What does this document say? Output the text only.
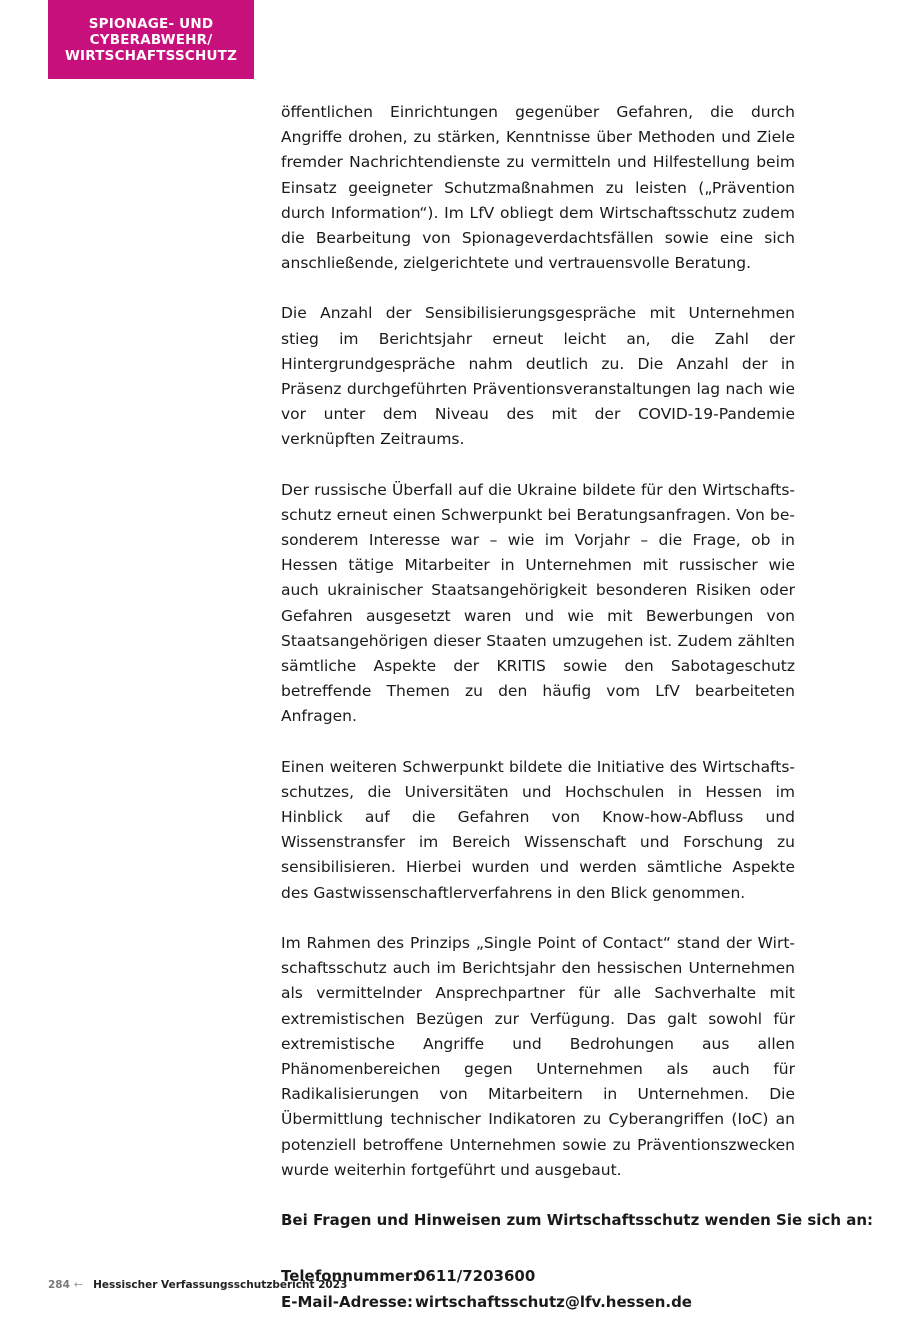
SPIONAGE- UND
CYBERABWEHR/
WIRTSCHAFTSSCHUTZ

öffentlichen Einrichtungen gegenüber Gefahren, die durch Angriffe drohen, zu stärken, Kenntnisse über Methoden und Ziele fremder Nachrichtendienste zu vermitteln und Hilfestellung beim Einsatz geeigneter Schutzmaßnahmen zu leisten („Prävention durch Information“). Im LfV obliegt dem Wirtschaftsschutz zudem die Bearbeitung von Spionageverdachtsfällen sowie eine sich anschließende, zielgerichtete und vertrauensvolle Beratung.

Die Anzahl der Sensibilisierungsgespräche mit Unternehmen stieg im Berichtsjahr erneut leicht an, die Zahl der Hintergrundgespräche nahm deutlich zu. Die Anzahl der in Präsenz durchgeführten Präventionsveranstaltungen lag nach wie vor unter dem Niveau des mit der COVID-19-Pandemie verknüpften Zeitraums.

Der russische Überfall auf die Ukraine bildete für den Wirtschaftsschutz erneut einen Schwerpunkt bei Beratungsanfragen. Von besonderem Interesse war – wie im Vorjahr – die Frage, ob in Hessen tätige Mitarbeiter in Unternehmen mit russischer wie auch ukrainischer Staatsangehörigkeit besonderen Risiken oder Gefahren ausgesetzt waren und wie mit Bewerbungen von Staatsangehörigen dieser Staaten umzugehen ist. Zudem zählten sämtliche Aspekte der KRITIS sowie den Sabotageschutz betreffende Themen zu den häufig vom LfV bearbeiteten Anfragen.

Einen weiteren Schwerpunkt bildete die Initiative des Wirtschaftsschutzes, die Universitäten und Hochschulen in Hessen im Hinblick auf die Gefahren von Know-how-Abfluss und Wissenstransfer im Bereich Wissenschaft und Forschung zu sensibilisieren. Hierbei wurden und werden sämtliche Aspekte des Gastwissenschaftlerverfahrens in den Blick genommen.

Im Rahmen des Prinzips „Single Point of Contact“ stand der Wirtschaftsschutz auch im Berichtsjahr den hessischen Unternehmen als vermittelnder Ansprechpartner für alle Sachverhalte mit extremistischen Bezügen zur Verfügung. Das galt sowohl für extremistische Angriffe und Bedrohungen aus allen Phänomenbereichen gegen Unternehmen als auch für Radikalisierungen von Mitarbeitern in Unternehmen. Die Übermittlung technischer Indikatoren zu Cyberangriffen (IoC) an potenziell betroffene Unternehmen sowie zu Präventionszwecken wurde weiterhin fortgeführt und ausgebaut.

Bei Fragen und Hinweisen zum Wirtschaftsschutz wenden Sie sich an:

Telefonnummer:
0611/7203600
E-Mail-Adresse: wirtschaftsschutz@lfv.hessen.de
284 ← Hessischer Verfassungsschutzbericht 2023
